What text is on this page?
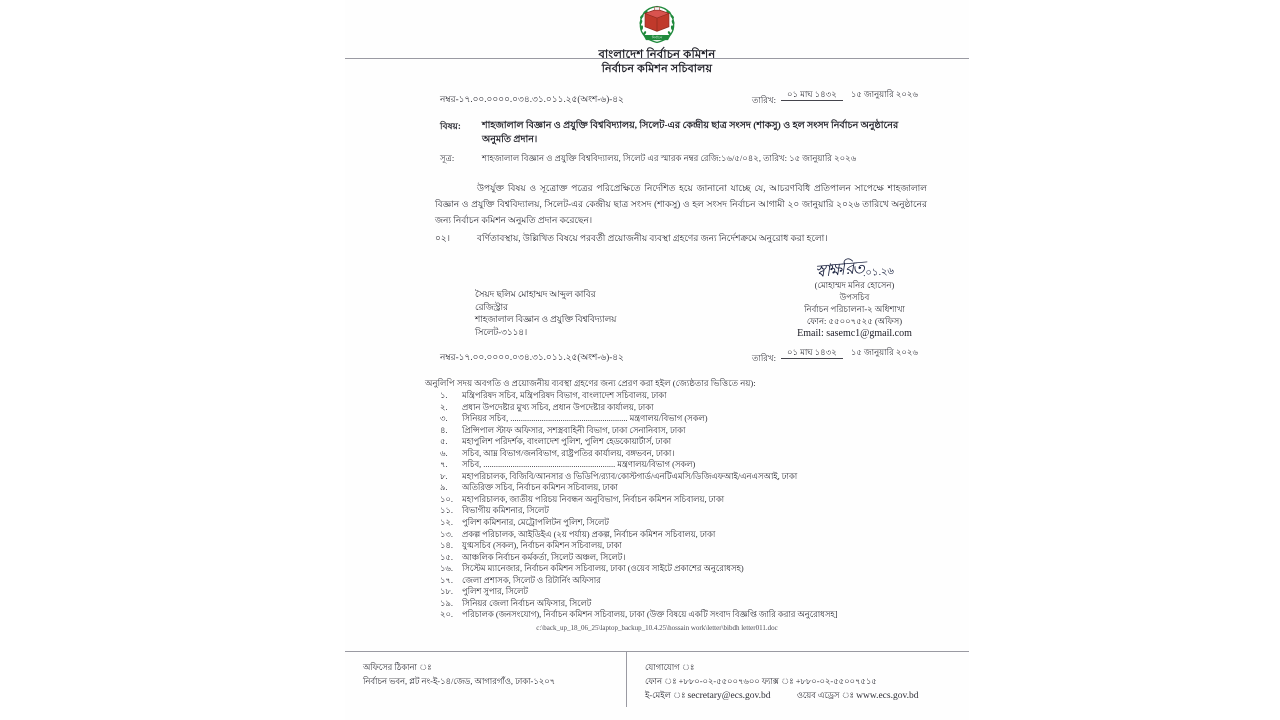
নির্বাচন
বাংলাদেশ নির্বাচন কমিশন
নির্বাচন কমিশন সচিবালয়
নম্বর-১৭.০০.০০০০.০৩৪.৩১.০১১.২৫(অংশ-৬)-৪২	তারিখ:
০১ মাঘ ১৪৩২ ১৫ জানুয়ারি ২০২৬
বিষয়: শাহজালাল বিজ্ঞান ও প্রযুক্তি বিশ্ববিদ্যালয়, সিলেট-এর কেন্দ্রীয় ছাত্র সংসদ (শাকসু) ও হল সংসদ নির্বাচন অনুষ্ঠানের অনুমতি প্রদান।
সূত্র:	শাহজালাল বিজ্ঞান ও প্রযুক্তি বিশ্ববিদ্যালয়, সিলেট এর স্মারক নম্বর রেজি:১৬/৫/০৪২, তারিখ: ১৫ জানুয়ারি ২০২৬
উপর্যুক্ত বিষয় ও সূত্রোক্ত পত্রের পরিপ্রেক্ষিতে নির্দেশিত হয়ে জানানো যাচ্ছে যে, আচরণবিধি প্রতিপালন সাপেক্ষে শাহজালাল বিজ্ঞান ও প্রযুক্তি বিশ্ববিদ্যালয়, সিলেট-এর কেন্দ্রীয় ছাত্র সংসদ (শাকসু) ও হল সংসদ নির্বাচন আগামী ২০ জানুয়ারি ২০২৬ তারিখে অনুষ্ঠানের জন্য নির্বাচন কমিশন অনুমতি প্রদান করেছেন।
০২।	বর্ণিতাবস্থায়, উল্লিখিত বিষয়ে পরবর্তী প্রয়োজনীয় ব্যবস্থা গ্রহণের জন্য নির্দেশক্রমে অনুরোধ করা হলো।
সৈয়দ ছলিম মোহাম্মদ আব্দুল কাবির
রেজিস্ট্রার
শাহজালাল বিজ্ঞান ও প্রযুক্তি বিশ্ববিদ্যালয়
সিলেট-৩১১৪।
স্বাক্ষরিত.০১.২৬
(মোহাম্মদ মনির হোসেন)
উপসচিব
নির্বাচন পরিচালনা-২ অধিশাখা
ফোন: ৫৫০০৭৫২৫ (অফিস)
Email: sasemc1@gmail.com
নম্বর-১৭.০০.০০০০.০৩৪.৩১.০১১.২৫(অংশ-৬)-৪২	তারিখ:
০১ মাঘ ১৪৩২ ১৫ জানুয়ারি ২০২৬
অনুলিপি সদয় অবগতি ও প্রয়োজনীয় ব্যবস্থা গ্রহণের জন্য প্রেরণ করা হইল (জ্যেষ্ঠতার ভিত্তিতে নয়):
১. মন্ত্রিপরিষদ সচিব, মন্ত্রিপরিষদ বিভাগ, বাংলাদেশ সচিবালয়, ঢাকা
২. প্রধান উপদেষ্টার মুখ্য সচিব, প্রধান উপদেষ্টার কার্যালয়, ঢাকা
৩. সিনিয়র সচিব, ........................................................ মন্ত্রণালয়/বিভাগ (সকল)
৪. প্রিন্সিপাল স্টাফ অফিসার, সশস্ত্রবাহিনী বিভাগ, ঢাকা সেনানিবাস, ঢাকা
৫. মহাপুলিশ পরিদর্শক, বাংলাদেশ পুলিশ, পুলিশ হেডকোয়ার্টার্স, ঢাকা
৬. সচিব, আম্ন বিভাগ/জনবিভাগ, রাষ্ট্রপতির কার্যালয়, বঙ্গভবন, ঢাকা।
৭. সচিব, ............................................................... মন্ত্রণালয়/বিভাগ (সকল)
৮. মহাপরিচালক, বিজিবি/আনসার ও ভিডিপি/র‌্যাব/কোস্টগার্ড/এনটিএমসি/ডিজিএফআই/এনএসআই, ঢাকা
৯. অতিরিক্ত সচিব, নির্বাচন কমিশন সচিবালয়, ঢাকা
১০. মহাপরিচালক, জাতীয় পরিচয় নিবন্ধন অনুবিভাগ, নির্বাচন কমিশন সচিবালয়, ঢাকা
১১. বিভাগীয় কমিশনার, সিলেট
১২. পুলিশ কমিশনার, মেট্রোপলিটন পুলিশ, সিলেট
১৩. প্রকল্প পরিচালক, আইডিইএ (২য় পর্যায়) প্রকল্প, নির্বাচন কমিশন সচিবালয়, ঢাকা
১৪. যুগ্মসচিব (সকল), নির্বাচন কমিশন সচিবালয়, ঢাকা
১৫. আঞ্চলিক নির্বাচন কর্মকর্তা, সিলেট অঞ্চল, সিলেট।
১৬. সিস্টেম ম্যানেজার, নির্বাচন কমিশন সচিবালয়, ঢাকা (ওয়েব সাইটে প্রকাশের অনুরোধসহ)
১৭. জেলা প্রশাসক, সিলেট ও রিটার্নিং অফিসার
১৮. পুলিশ সুপার, সিলেট
১৯. সিনিয়র জেলা নির্বাচন অফিসার, সিলেট
২০. পরিচালক (জনসংযোগ), নির্বাচন কমিশন সচিবালয়, ঢাকা (উক্ত বিষয়ে একটি সংবাদ বিজ্ঞপ্তি জারি করার অনুরোধসহ]
c:\back_up_18_06_25\laptop_backup_10.4.25\hossain work\letter\bibdh letter011.doc
অফিসের ঠিকানা ঃ
নির্বাচন ভবন, প্লট নং-ই-১৪/জেড, আগারগাঁও, ঢাকা-১২০৭
যোগাযোগ ঃ
ফোন ঃ +৮৮০-০২-৫৫০০৭৬০০ ফ্যাক্স ঃ +৮৮০-০২-৫৫০০৭৫১৫
ই-মেইল ঃ secretary@ecs.gov.bd	ওয়েব এড্রেস ঃ www.ecs.gov.bd
